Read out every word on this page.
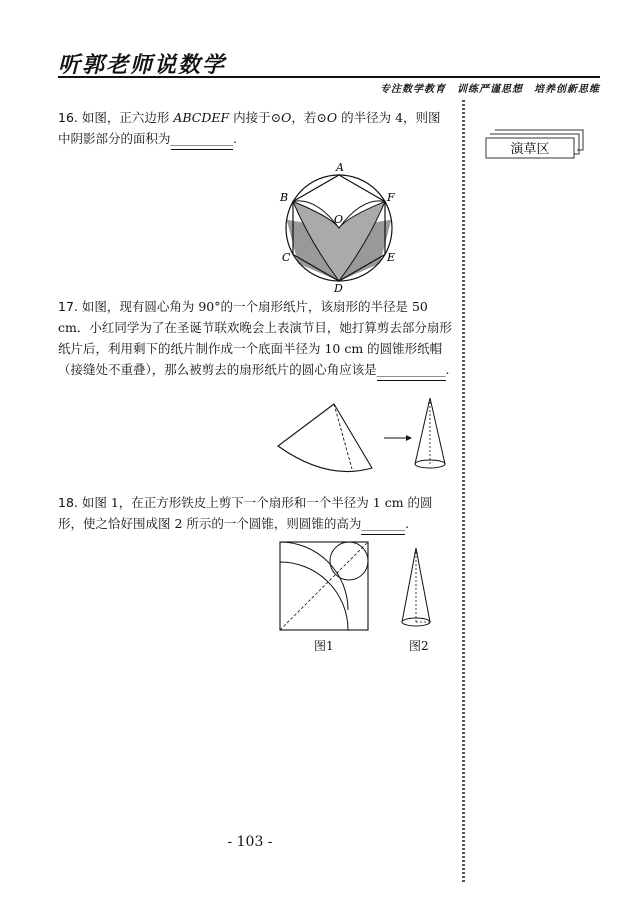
听郭老师说数学
专注数学教育　训练严谨思想　培养创新思维
演草区
16. 如图，正六边形 ABCDEF 内接于⊙O，若⊙O 的半径为 4，则图中阴影部分的面积为__________.
A
B
C
D
E
F
O
17. 如图，现有圆心角为 90°的一个扇形纸片，该扇形的半径是 50 cm．小红同学为了在圣诞节联欢晚会上表演节目，她打算剪去部分扇形纸片后，利用剩下的纸片制作成一个底面半径为 10 cm 的圆锥形纸帽（接缝处不重叠），那么被剪去的扇形纸片的圆心角应该是___________.
18. 如图 1，在正方形铁皮上剪下一个扇形和一个半径为 1 cm 的圆形，使之恰好围成图 2 所示的一个圆锥，则圆锥的高为_______.
图1	图2
- 103 -
